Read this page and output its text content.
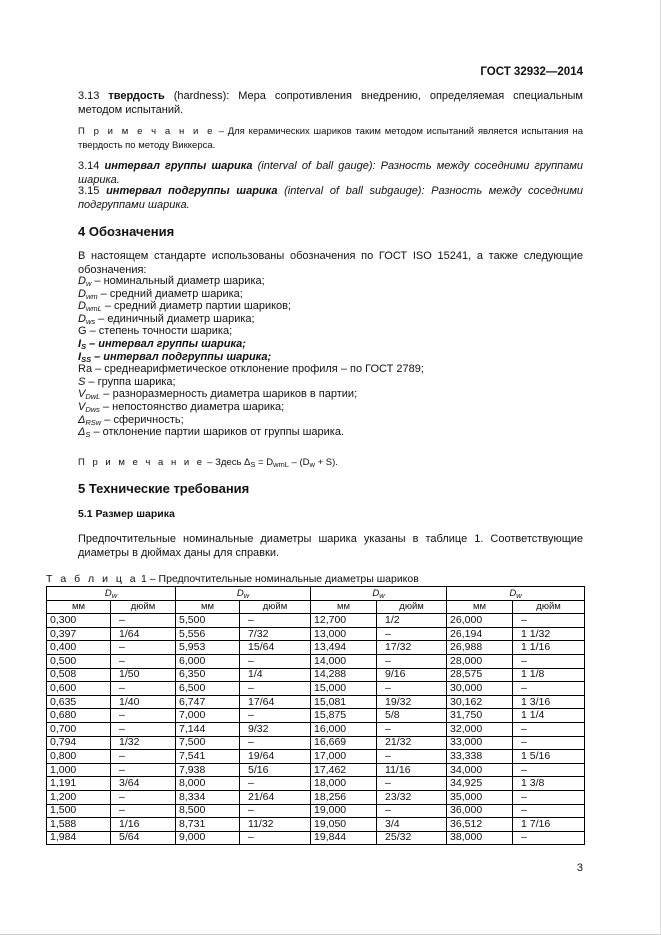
ГОСТ 32932—2014

3.13 твердость (hardness): Мера сопротивления внедрению, определяемая специальным методом испытаний.

П р и м е ч а н и е – Для керамических шариков таким методом испытаний является испытания на твердость по методу Виккерса.

3.14 интервал группы шарика (interval of ball gauge): Разность между соседними группами шарика.

3.15 интервал подгруппы шарика (interval of ball subgauge): Разность между соседними подгруппами шарика.

4 Обозначения

В настоящем стандарте использованы обозначения по ГОСТ ISO 15241, а также следующие обозначения:

$D_w$ – номинальный диаметр шарика;
$D_{wm}$ – средний диаметр шарика;
$D_{wmL}$ – средний диаметр партии шариков;
$D_{ws}$ – единичный диаметр шарика;
G – степень точности шарика;
$I_S$ – интервал группы шарика;
$I_{SS}$ – интервал подгруппы шарика;
Ra – среднеарифметическое отклонение профиля – по ГОСТ 2789;
S – группа шарика;
$V_{DwL}$ – разноразмерность диаметра шариков в партии;
$V_{Dws}$ – непостоянство диаметра шарика;
$\Delta_{RSw}$ – сферичность;
$\Delta_S$ – отклонение партии шариков от группы шарика.

П р и м е ч а н и е – Здесь $\Delta_S = D_{wmL} - (D_w + S)$.

5 Технические требования
5.1 Размер шарика

Предпочтительные номинальные диаметры шарика указаны в таблице 1. Соответствующие диаметры в дюймах даны для справки.

Т а б л и ц а 1 – Предпочтительные номинальные диаметры шариков
$D_w$		$D_w$		$D_w$		$D_w$
мм	дюйм	мм	дюйм	мм	дюйм	мм	дюйм
0,300	–	5,500	–	12,700	1/2	26,000	–
0,397	1/64	5,556	7/32	13,000	–	26,194	1 1/32
0,400	–	5,953	15/64	13,494	17/32	26,988	1 1/16
0,500	–	6,000	–	14,000	–	28,000	–
0,508	1/50	6,350	1/4	14,288	9/16	28,575	1 1/8
0,600	–	6,500	–	15,000	–	30,000	–
0,635	1/40	6,747	17/64	15,081	19/32	30,162	1 3/16
0,680	–	7,000	–	15,875	5/8	31,750	1 1/4
0,700	–	7,144	9/32	16,000	–	32,000	–
0,794	1/32	7,500	–	16,669	21/32	33,000	–
0,800	–	7,541	19/64	17,000	–	33,338	1 5/16
1,000	–	7,938	5/16	17,462	11/16	34,000	–
1,191	3/64	8,000	–	18,000	–	34,925	1 3/8
1,200	–	8,334	21/64	18,256	23/32	35,000	–
1,500	–	8,500	–	19,000	–	36,000	–
1,588	1/16	8,731	11/32	19,050	3/4	36,512	1 7/16
1,984	5/64	9,000	–	19,844	25/32	38,000	–
3
